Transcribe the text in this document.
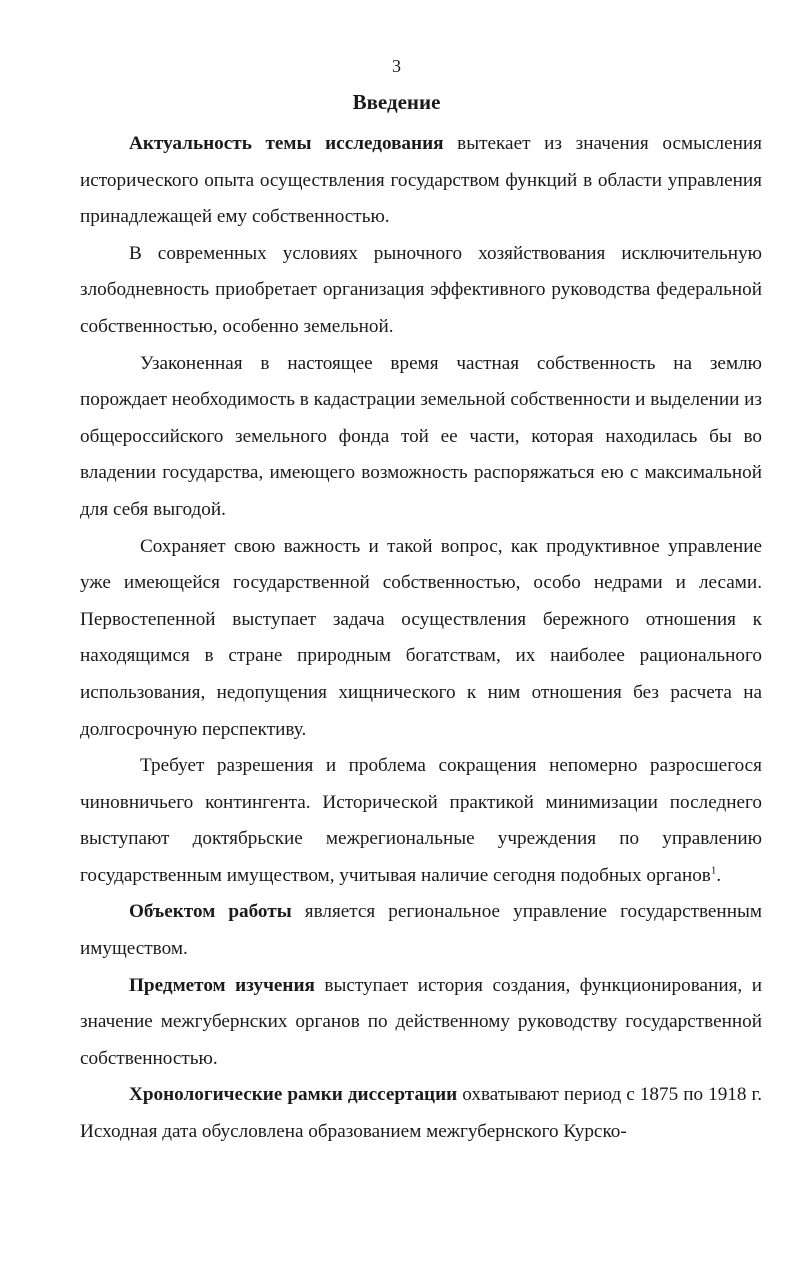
3
Введение

Актуальность темы исследования вытекает из значения осмысления исторического опыта осуществления государством функций в области управления принадлежащей ему собственностью.

В современных условиях рыночного хозяйствования исключительную злободневность приобретает организация эффективного руководства федеральной собственностью, особенно земельной.

Узаконенная в настоящее время частная собственность на землю порождает необходимость в кадастрации земельной собственности и выделении из общероссийского земельного фонда той ее части, которая находилась бы во владении государства, имеющего возможность распоряжаться ею с максимальной для себя выгодой.

Сохраняет свою важность и такой вопрос, как продуктивное управление уже имеющейся государственной собственностью, особо недрами и лесами. Первостепенной выступает задача осуществления бережного отношения к находящимся в стране природным богатствам, их наиболее рационального использования, недопущения хищнического к ним отношения без расчета на долгосрочную перспективу.

Требует разрешения и проблема сокращения непомерно разросшегося чиновничьего контингента. Исторической практикой минимизации последнего выступают доктябрьские межрегиональные учреждения по управлению государственным имуществом, учитывая наличие сегодня подобных органов$^1$.

Объектом работы является региональное управление государственным имуществом.

Предметом изучения выступает история создания, функционирования, и значение межгубернских органов по действенному руководству государственной собственностью.

Хронологические рамки диссертации охватывают период с 1875 по 1918 г. Исходная дата обусловлена образованием межгубернского Курско-
